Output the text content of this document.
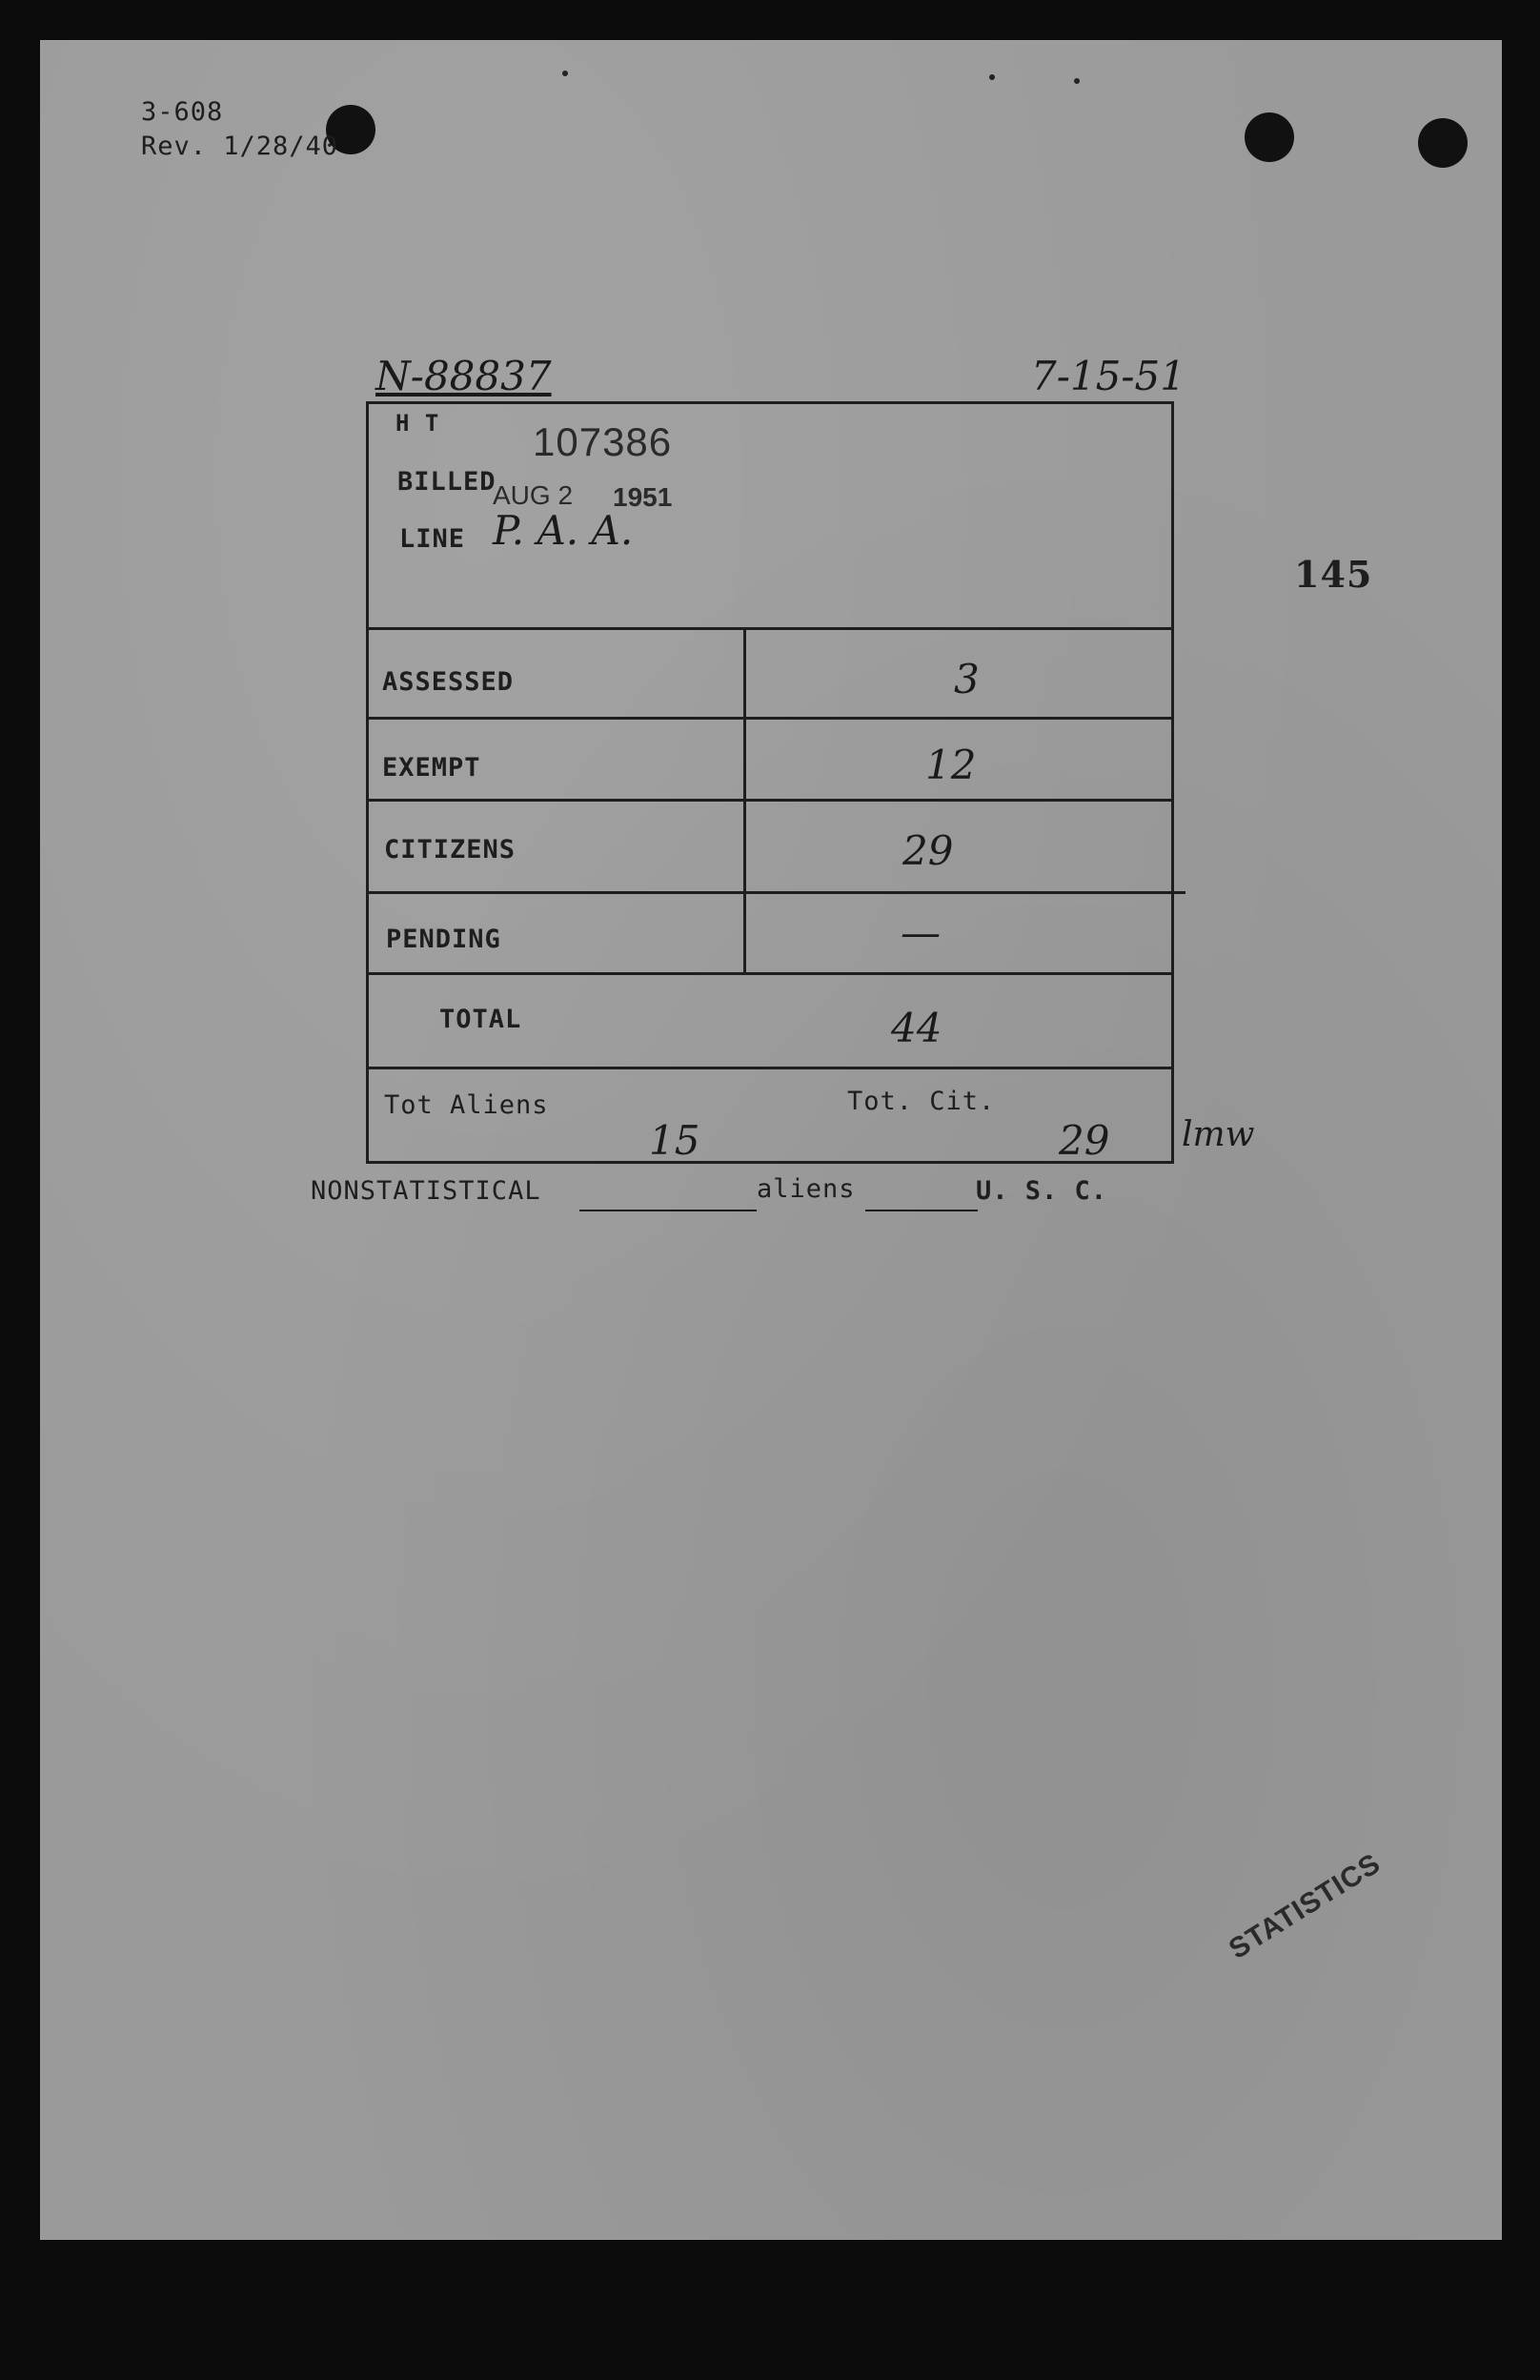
3-608
Rev. 1/28/40
N-88837	7-15-51
145
H T 107386
BILLED
AUG 2 1951
LINE P. A. A.
ASSESSED	3
EXEMPT	12
CITIZENS	29
PENDING	—
TOTAL	44
Tot Aliens
15
Tot. Cit.
29 lmw
NONSTATISTICAL	aliens	U. S. C.
STATISTICS
